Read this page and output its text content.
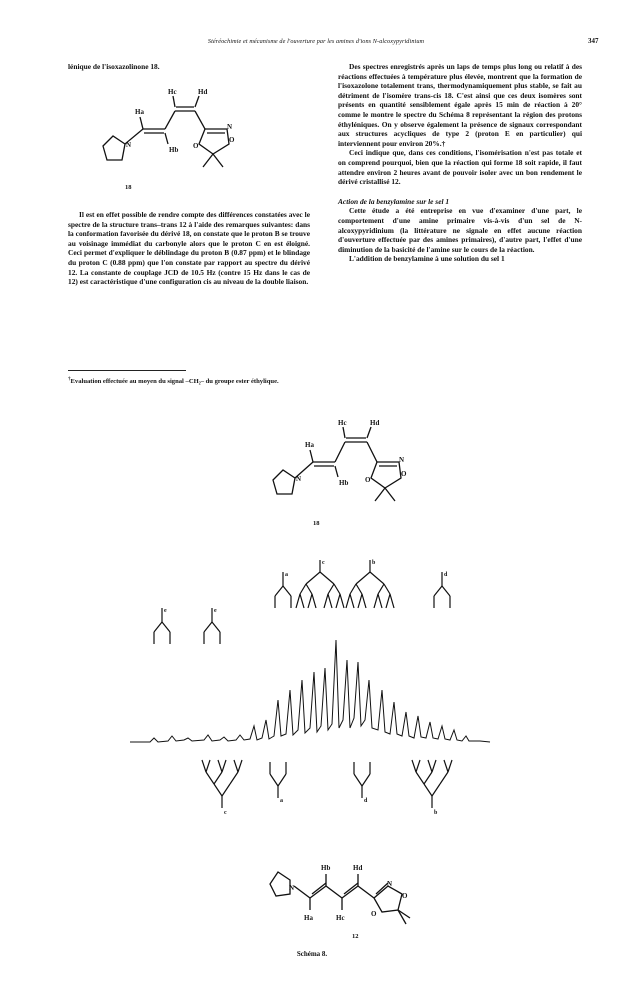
Stéréochimie et mécanisme de l'ouverture par les amines d'ions N-alcoxypyridinium	347

lénique de l'isoxazolinone 18.

Ha
Hc	Hd
Hb
N	O
O
N
18

Il est en effet possible de rendre compte des différences constatées avec le spectre de la structure trans–trans 12 à l'aide des remarques suivantes: dans la conformation favorisée du dérivé 18, on constate que le proton B se trouve au voisinage immédiat du carbonyle alors que le proton C en est éloigné. Ceci permet d'expliquer le déblindage du proton B (0.87 ppm) et le blindage du proton C (0.88 ppm) que l'on constate par rapport au spectre du dérivé 12. La constante de couplage JCD de 10.5 Hz (contre 15 Hz dans le cas de 12) est caractéristique d'une configuration cis au niveau de la double liaison.

†Evaluation effectuée au moyen du signal –CH₂– du groupe ester éthylique.

Des spectres enregistrés après un laps de temps plus long ou relatif à des réactions effectuées à température plus élevée, montrent que la formation de l'isoxazolone totalement trans, thermodynamiquement plus stable, se fait au détriment de l'isomère trans-cis 18. C'est ainsi que ces deux isomères sont présents en quantité sensiblement égale après 15 min de réaction à 20° comme le montre le spectre du Schéma 8 représentant la région des protons éthyléniques. On y observe également la présence de signaux correspondant aux structures acycliques de type 2 (proton E en particulier) qui interviennent pour environ 20%.†

Ceci indique que, dans ces conditions, l'isomérisation n'est pas totale et on comprend pourquoi, bien que la réaction qui forme 18 soit rapide, il faut attendre environ 2 heures avant de pouvoir isoler avec un bon rendement le dérivé cristallisé 12.

Action de la benzylamine sur le sel 1

Cette étude a été entreprise en vue d'examiner d'une part, le comportement d'une amine primaire vis-à-vis d'un sel de N-alcoxypyridinium (la littérature ne signale en effet aucune réaction d'ouverture effectuée par des amines primaires), d'autre part, l'effet d'une diminution de la basicité de l'amine sur le cours de la réaction.

L'addition de benzylamine à une solution du sel 1

Ha
Hc	Hd
Hb
N	O
O
N
18
e	e
a
c	b
d
c
a	d
b
Hb	Hd
Ha	Hc
N	N
O
O
12
Schéma 8.
